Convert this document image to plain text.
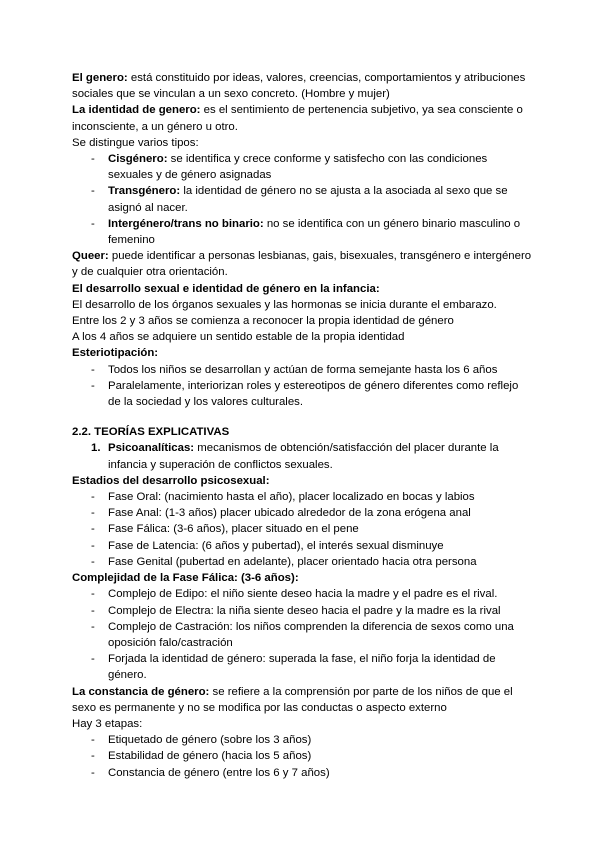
El genero: está constituido por ideas, valores, creencias, comportamientos y atribuciones sociales que se vinculan a un sexo concreto. (Hombre y mujer)

La identidad de genero: es el sentimiento de pertenencia subjetivo, ya sea consciente o inconsciente, a un género u otro.

Se distingue varios tipos:

- Cisgénero: se identifica y crece conforme y satisfecho con las condiciones sexuales y de género asignadas
- Transgénero: la identidad de género no se ajusta a la asociada al sexo que se asignó al nacer.
- Intergénero/trans no binario: no se identifica con un género binario masculino o femenino

Queer: puede identificar a personas lesbianas, gais, bisexuales, transgénero e intergénero y de cualquier otra orientación.

El desarrollo sexual e identidad de género en la infancia:

El desarrollo de los órganos sexuales y las hormonas se inicia durante el embarazo.

Entre los 2 y 3 años se comienza a reconocer la propia identidad de género

A los 4 años se adquiere un sentido estable de la propia identidad

Esteriotipación:

- Todos los niños se desarrollan y actúan de forma semejante hasta los 6 años
- Paralelamente, interiorizan roles y estereotipos de género diferentes como reflejo de la sociedad y los valores culturales.

2.2. TEORÍAS EXPLICATIVAS

1. Psicoanalíticas: mecanismos de obtención/satisfacción del placer durante la infancia y superación de conflictos sexuales.

Estadios del desarrollo psicosexual:

- Fase Oral: (nacimiento hasta el año), placer localizado en bocas y labios
- Fase Anal: (1-3 años) placer ubicado alrededor de la zona erógena anal
- Fase Fálica: (3-6 años), placer situado en el pene
- Fase de Latencia: (6 años y pubertad), el interés sexual disminuye
- Fase Genital (pubertad en adelante), placer orientado hacia otra persona

Complejidad de la Fase Fálica: (3-6 años):

- Complejo de Edipo: el niño siente deseo hacia la madre y el padre es el rival.
- Complejo de Electra: la niña siente deseo hacia el padre y la madre es la rival
- Complejo de Castración: los niños comprenden la diferencia de sexos como una oposición falo/castración
- Forjada la identidad de género: superada la fase, el niño forja la identidad de género.

La constancia de género: se refiere a la comprensión por parte de los niños de que el sexo es permanente y no se modifica por las conductas o aspecto externo

Hay 3 etapas:

- Etiquetado de género (sobre los 3 años)
- Estabilidad de género (hacia los 5 años)
- Constancia de género (entre los 6 y 7 años)
